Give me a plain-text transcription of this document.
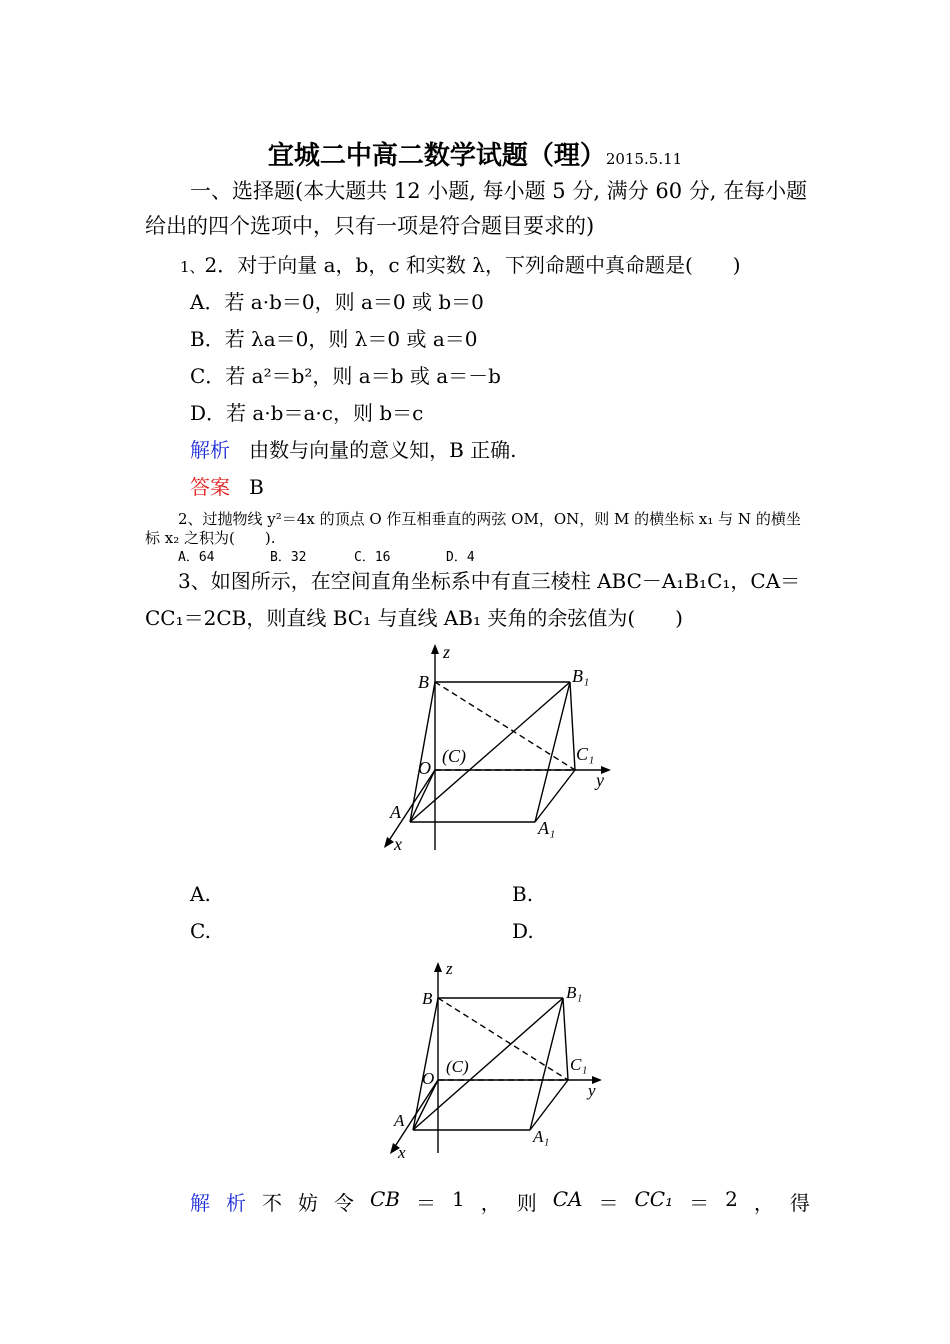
宜城二中高二数学试题（理）2015.5.11
一、选择题(本大题共 12 小题, 每小题 5 分, 满分 60 分, 在每小题
给出的四个选项中，只有一项是符合题目要求的)
1、2．对于向量 a，b，c 和实数 λ，下列命题中真命题是(　　)
A．若 a·b＝0，则 a＝0 或 b＝0
B．若 λa＝0，则 λ＝0 或 a＝0
C．若 a²＝b²，则 a＝b 或 a＝－b
D．若 a·b＝a·c，则 b＝c
解析 由数与向量的意义知，B 正确.
答案 B
2、过抛物线 y²＝4x 的顶点 O 作互相垂直的两弦 OM，ON，则 M 的横坐标 x₁ 与 N 的横坐
标 x₂ 之积为(　　).
A．64	B．32	C．16	D．4
3、如图所示，在空间直角坐标系中有直三棱柱 ABC－A₁B₁C₁，CA＝
CC₁＝2CB，则直线 BC₁ 与直线 AB₁ 夹角的余弦值为(　　)
z
y
x
B	B₁
O
(C)	C₁
A
A₁
A.	B.
C.	D.
z
y
x
B	B₁
O
(C)	C₁
A
A₁
解 析 不 妨 令 CB ＝ 1 ， 则 CA ＝ CC₁ ＝ 2 ， 得
